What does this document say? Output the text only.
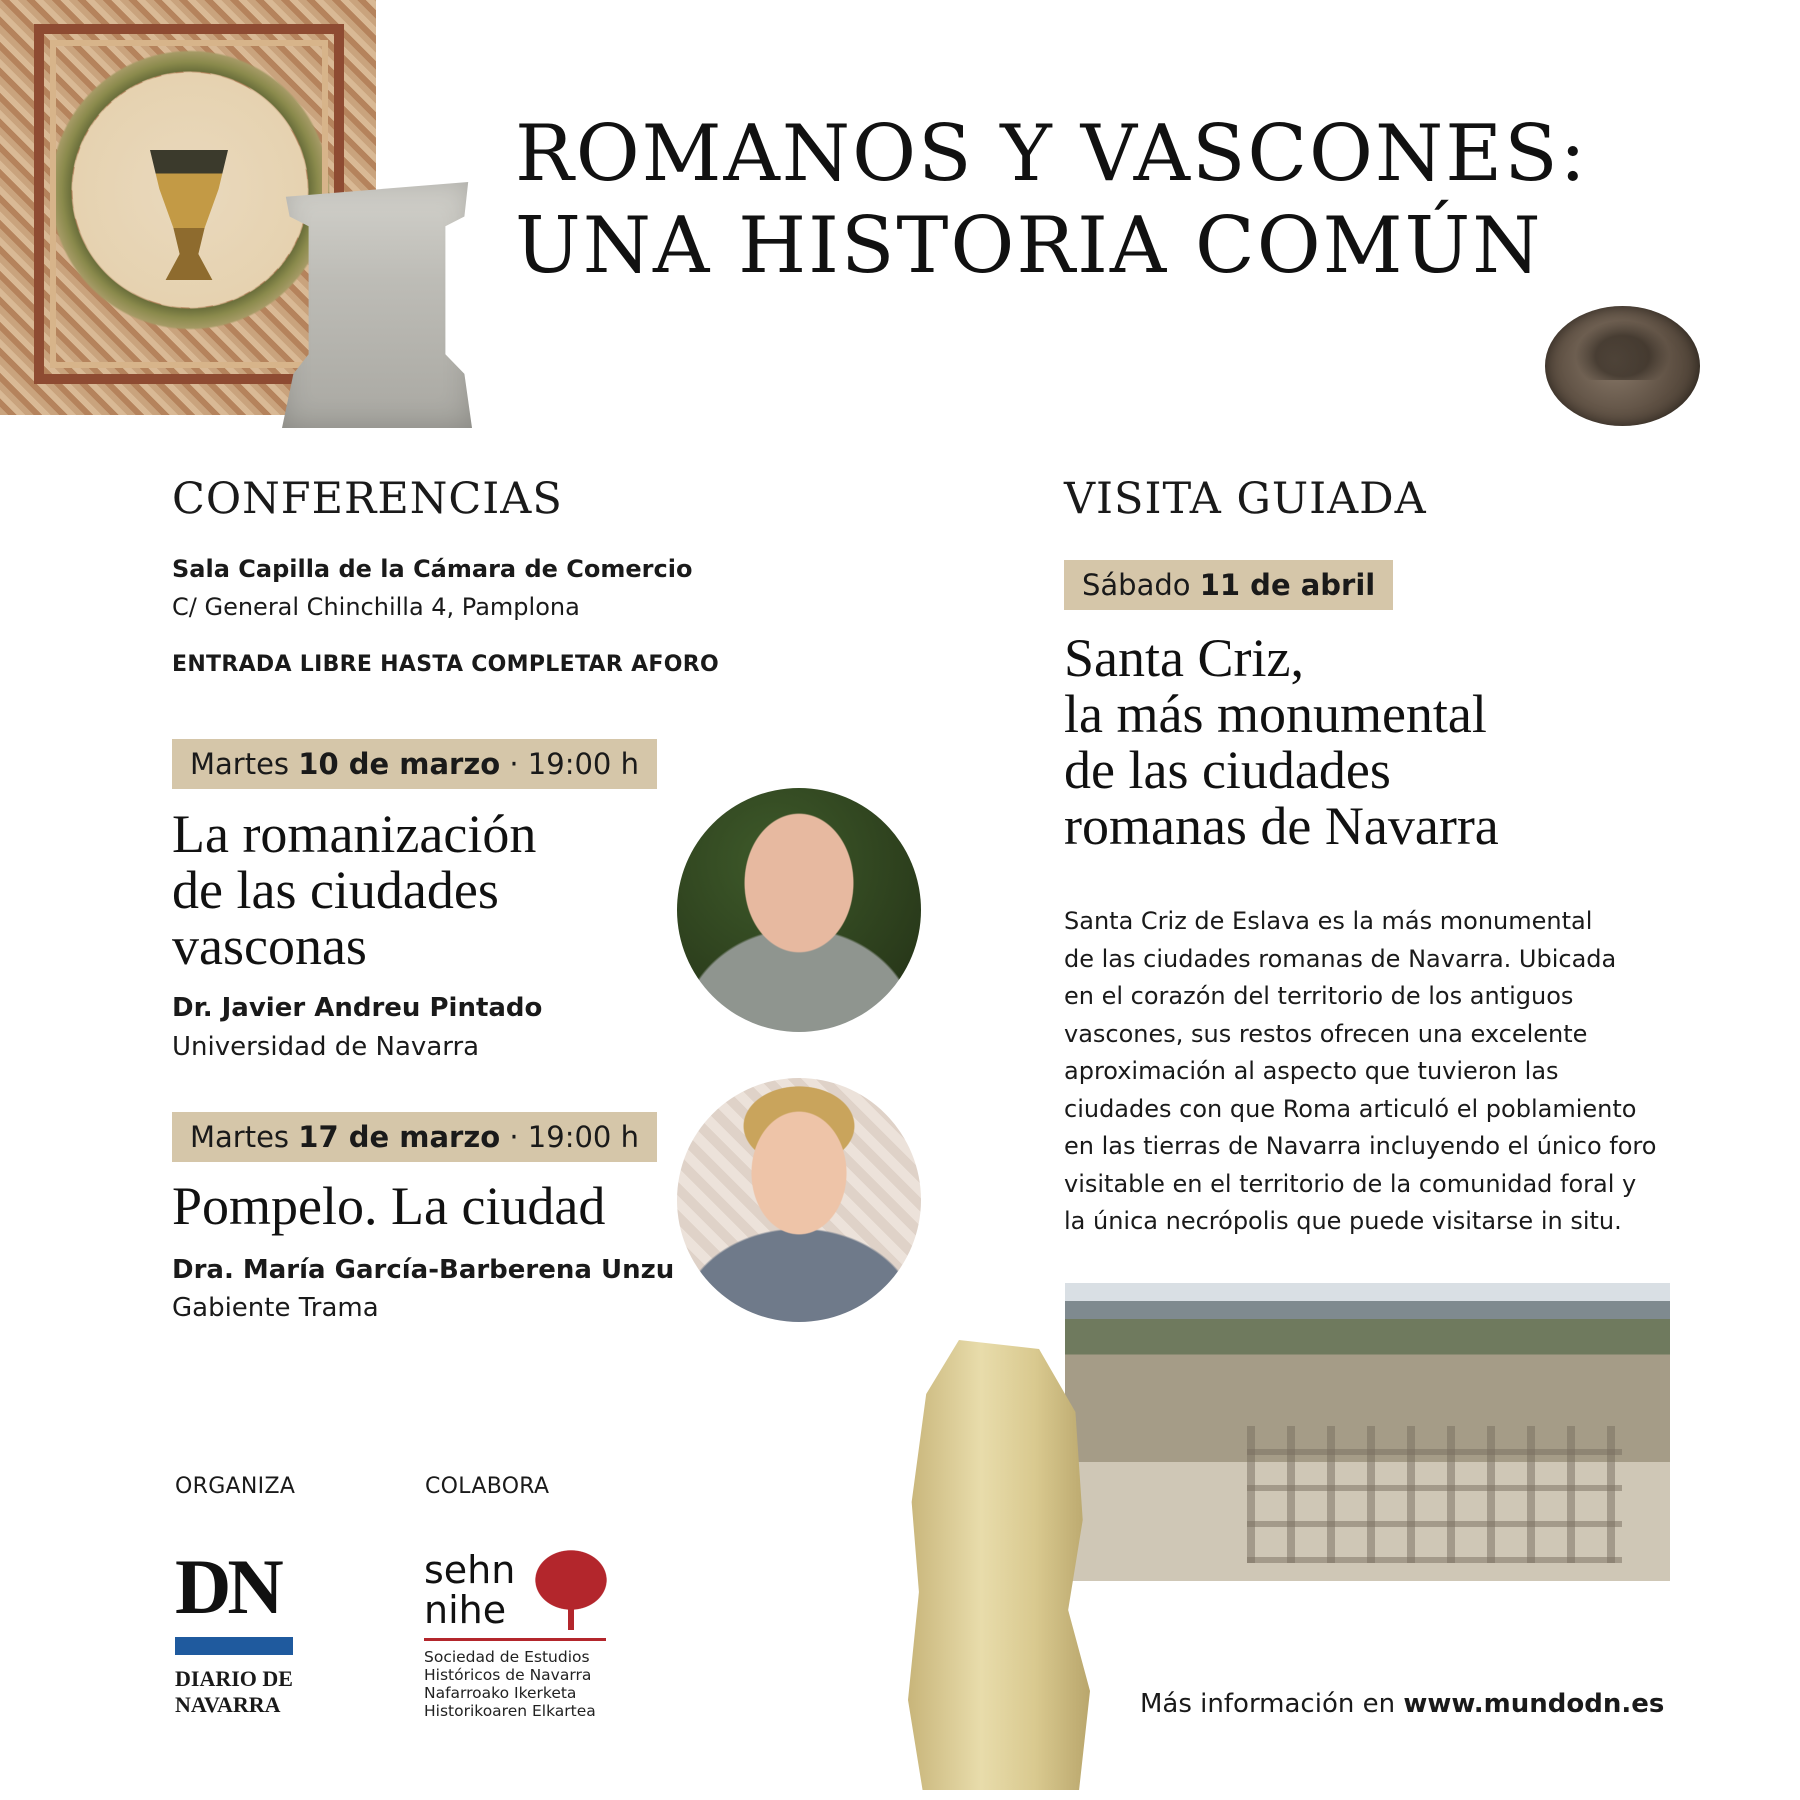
ROMANOS Y VASCONES:
UNA HISTORIA COMÚN
CONFERENCIAS
Sala Capilla de la Cámara de Comercio
C/ General Chinchilla 4, Pamplona
ENTRADA LIBRE HASTA COMPLETAR AFORO
Martes 10 de marzo · 19:00 h
La romanización
de las ciudades
vasconas
Dr. Javier Andreu Pintado
Universidad de Navarra
Martes 17 de marzo · 19:00 h
Pompelo. La ciudad
Dra. María García-Barberena Unzu
Gabiente Trama
VISITA GUIADA
Sábado 11 de abril
Santa Criz,
la más monumental
de las ciudades
romanas de Navarra
Santa Criz de Eslava es la más monumental
de las ciudades romanas de Navarra. Ubicada
en el corazón del territorio de los antiguos
vascones, sus restos ofrecen una excelente
aproximación al aspecto que tuvieron las
ciudades con que Roma articuló el poblamiento
en las tierras de Navarra incluyendo el único foro
visitable en el territorio de la comunidad foral y
la única necrópolis que puede visitarse in situ.
ORGANIZA	COLABORA
DN
DIARIO DE
NAVARRA
sehn
nihe
Sociedad de Estudios
Históricos de Navarra
Nafarroako Ikerketa
Historikoaren Elkartea	Más información en www.mundodn.es
